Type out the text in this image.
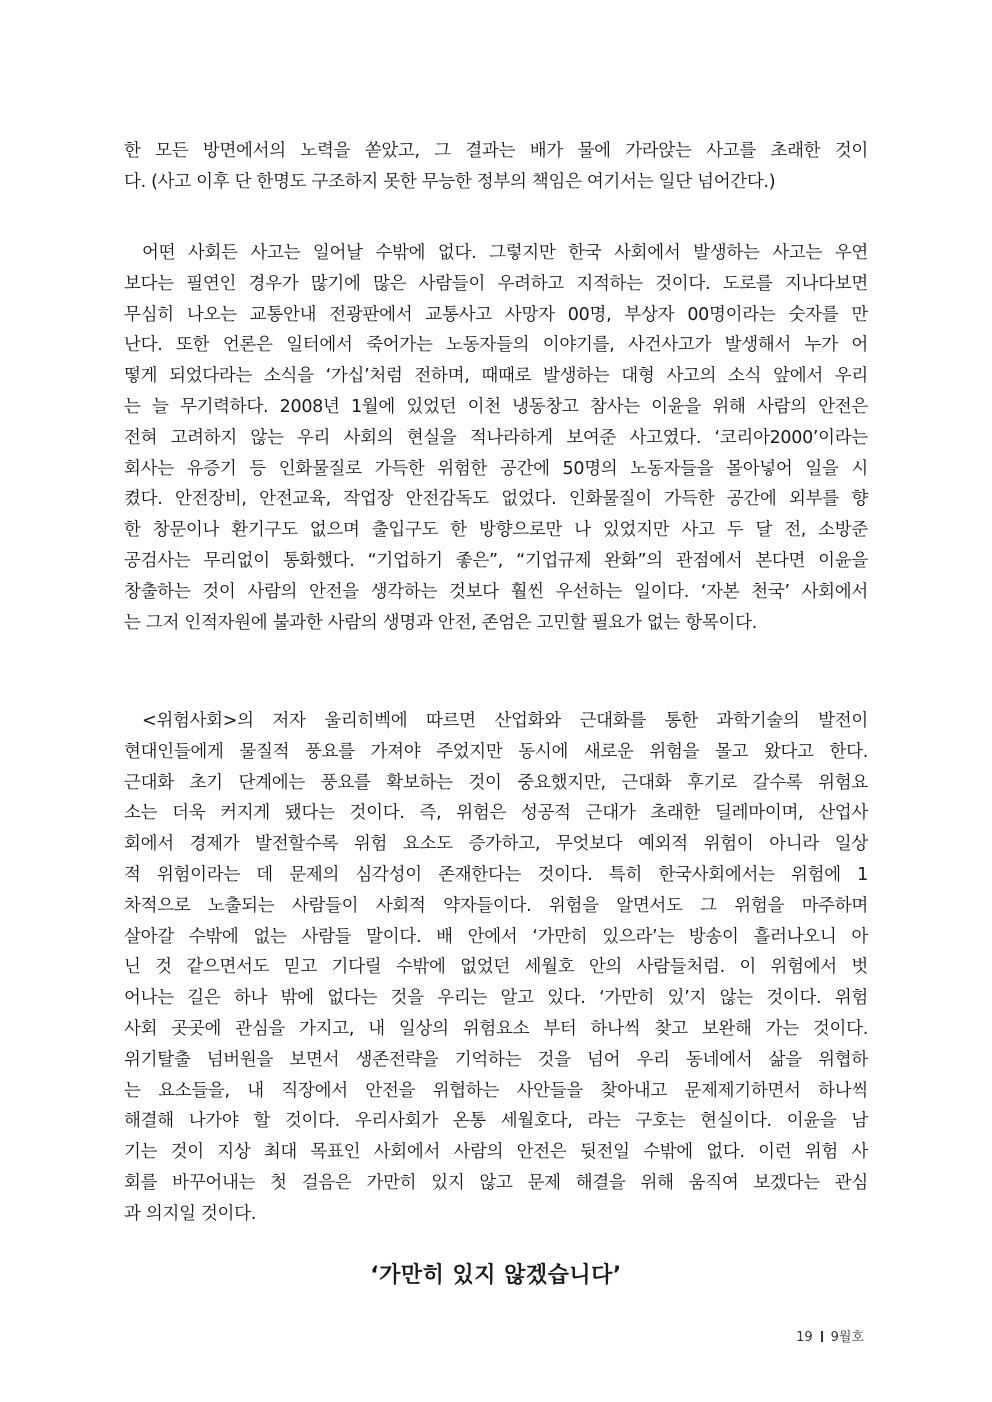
한 모든 방면에서의 노력을 쏟았고, 그 결과는 배가 물에 가라앉는 사고를 초래한 것이
다. (사고 이후 단 한명도 구조하지 못한 무능한 정부의 책임은 여기서는 일단 넘어간다.)
어떤 사회든 사고는 일어날 수밖에 없다. 그렇지만 한국 사회에서 발생하는 사고는 우연
보다는 필연인 경우가 많기에 많은 사람들이 우려하고 지적하는 것이다. 도로를 지나다보면
무심히 나오는 교통안내 전광판에서 교통사고 사망자 00명, 부상자 00명이라는 숫자를 만
난다. 또한 언론은 일터에서 죽어가는 노동자들의 이야기를, 사건사고가 발생해서 누가 어
떻게 되었다라는 소식을 ‘가십’처럼 전하며, 때때로 발생하는 대형 사고의 소식 앞에서 우리
는 늘 무기력하다. 2008년 1월에 있었던 이천 냉동창고 참사는 이윤을 위해 사람의 안전은
전혀 고려하지 않는 우리 사회의 현실을 적나라하게 보여준 사고였다. ‘코리아2000’이라는
회사는 유증기 등 인화물질로 가득한 위험한 공간에 50명의 노동자들을 몰아넣어 일을 시
켰다. 안전장비, 안전교육, 작업장 안전감독도 없었다. 인화물질이 가득한 공간에 외부를 향
한 창문이나 환기구도 없으며 출입구도 한 방향으로만 나 있었지만 사고 두 달 전, 소방준
공검사는 무리없이 통화했다. “기업하기 좋은”, “기업규제 완화”의 관점에서 본다면 이윤을
창출하는 것이 사람의 안전을 생각하는 것보다 훨씬 우선하는 일이다. ‘자본 천국’ 사회에서
는 그저 인적자원에 불과한 사람의 생명과 안전, 존엄은 고민할 필요가 없는 항목이다.
<위험사회>의 저자 울리히벡에 따르면 산업화와 근대화를 통한 과학기술의 발전이
현대인들에게 물질적 풍요를 가져야 주었지만 동시에 새로운 위험을 몰고 왔다고 한다.
근대화 초기 단계에는 풍요를 확보하는 것이 중요했지만, 근대화 후기로 갈수록 위험요
소는 더욱 커지게 됐다는 것이다. 즉, 위험은 성공적 근대가 초래한 딜레마이며, 산업사
회에서 경제가 발전할수록 위험 요소도 증가하고, 무엇보다 예외적 위험이 아니라 일상
적 위험이라는 데 문제의 심각성이 존재한다는 것이다. 특히 한국사회에서는 위험에 1
차적으로 노출되는 사람들이 사회적 약자들이다. 위험을 알면서도 그 위험을 마주하며
살아갈 수밖에 없는 사람들 말이다. 배 안에서 ‘가만히 있으라’는 방송이 흘러나오니 아
닌 것 같으면서도 믿고 기다릴 수밖에 없었던 세월호 안의 사람들처럼. 이 위험에서 벗
어나는 길은 하나 밖에 없다는 것을 우리는 알고 있다. ‘가만히 있’지 않는 것이다. 위험
사회 곳곳에 관심을 가지고, 내 일상의 위험요소 부터 하나씩 찾고 보완해 가는 것이다.
위기탈출 넘버원을 보면서 생존전략을 기억하는 것을 넘어 우리 동네에서 삶을 위협하
는 요소들을, 내 직장에서 안전을 위협하는 사안들을 찾아내고 문제제기하면서 하나씩
해결해 나가야 할 것이다. 우리사회가 온통 세월호다, 라는 구호는 현실이다. 이윤을 남
기는 것이 지상 최대 목표인 사회에서 사람의 안전은 뒷전일 수밖에 없다. 이런 위험 사
회를 바꾸어내는 첫 걸음은 가만히 있지 않고 문제 해결을 위해 움직여 보겠다는 관심
과 의지일 것이다.
‘가만히 있지 않겠습니다’
19 9월호
